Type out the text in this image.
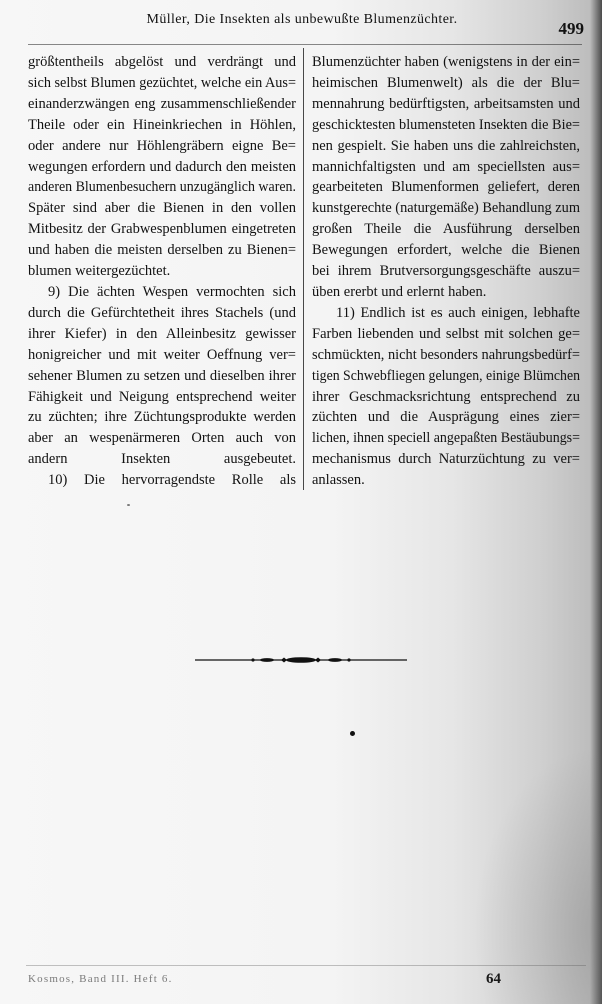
Müller, Die Insekten als unbewußte Blumenzüchter.	499
größtentheils abgelöst und verdrängt und
sich selbst Blumen gezüchtet, welche ein Aus=
einanderzwängen eng zusammenschließender
Theile oder ein Hineinkriechen in Höhlen,
oder andere nur Höhlengräbern eigne Be=
wegungen erfordern und dadurch den meisten
anderen Blumenbesuchern unzugänglich waren.
Später sind aber die Bienen in den vollen
Mitbesitz der Grabwespenblumen eingetreten
und haben die meisten derselben zu Bienen=
blumen weitergezüchtet.
9) Die ächten Wespen vermochten sich
durch die Gefürchtetheit ihres Stachels (und
ihrer Kiefer) in den Alleinbesitz gewisser
honigreicher und mit weiter Oeffnung ver=
sehener Blumen zu setzen und dieselben ihrer
Fähigkeit und Neigung entsprechend weiter
zu züchten; ihre Züchtungsprodukte werden
aber an wespenärmeren Orten auch von
andern Insekten ausgebeutet.
10) Die hervorragendste Rolle als
Blumenzüchter haben (wenigstens in der ein=
heimischen Blumenwelt) als die der Blu=
mennahrung bedürftigsten, arbeitsamsten und
geschicktesten blumensteten Insekten die Bie=
nen gespielt. Sie haben uns die zahlreichsten,
mannichfaltigsten und am speciellsten aus=
gearbeiteten Blumenformen geliefert, deren
kunstgerechte (naturgemäße) Behandlung zum
großen Theile die Ausführung derselben
Bewegungen erfordert, welche die Bienen
bei ihrem Brutversorgungsgeschäfte auszu=
üben ererbt und erlernt haben.
11) Endlich ist es auch einigen, lebhafte
Farben liebenden und selbst mit solchen ge=
schmückten, nicht besonders nahrungsbedürf=
tigen Schwebfliegen gelungen, einige Blümchen
ihrer Geschmacksrichtung entsprechend zu
züchten und die Ausprägung eines zier=
lichen, ihnen speciell angepaßten Bestäubungs=
mechanismus durch Naturzüchtung zu ver=
anlassen.
Kosmos, Band III. Heft 6.	64
